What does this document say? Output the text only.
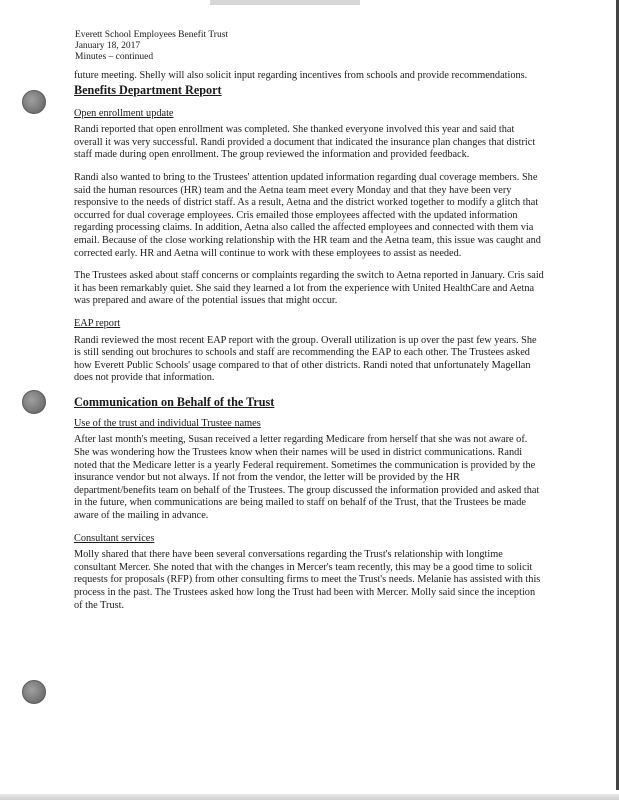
Everett School Employees Benefit Trust
January 18, 2017
Minutes – continued

future meeting. Shelly will also solicit input regarding incentives from schools and provide recommendations.

Benefits Department Report

Open enrollment update

Randi reported that open enrollment was completed. She thanked everyone involved this year and said that overall it was very successful. Randi provided a document that indicated the insurance plan changes that district staff made during open enrollment. The group reviewed the information and provided feedback.

Randi also wanted to bring to the Trustees' attention updated information regarding dual coverage members. She said the human resources (HR) team and the Aetna team meet every Monday and that they have been very responsive to the needs of district staff. As a result, Aetna and the district worked together to modify a glitch that occurred for dual coverage employees. Cris emailed those employees affected with the updated information regarding processing claims. In addition, Aetna also called the affected employees and connected with them via email. Because of the close working relationship with the HR team and the Aetna team, this issue was caught and corrected early. HR and Aetna will continue to work with these employees to assist as needed.

The Trustees asked about staff concerns or complaints regarding the switch to Aetna reported in January. Cris said it has been remarkably quiet. She said they learned a lot from the experience with United HealthCare and Aetna was prepared and aware of the potential issues that might occur.

EAP report

Randi reviewed the most recent EAP report with the group. Overall utilization is up over the past few years. She is still sending out brochures to schools and staff are recommending the EAP to each other. The Trustees asked how Everett Public Schools' usage compared to that of other districts. Randi noted that unfortunately Magellan does not provide that information.

Communication on Behalf of the Trust

Use of the trust and individual Trustee names

After last month's meeting, Susan received a letter regarding Medicare from herself that she was not aware of. She was wondering how the Trustees know when their names will be used in district communications. Randi noted that the Medicare letter is a yearly Federal requirement. Sometimes the communication is provided by the insurance vendor but not always. If not from the vendor, the letter will be provided by the HR department/benefits team on behalf of the Trustees. The group discussed the information provided and asked that in the future, when communications are being mailed to staff on behalf of the Trust, that the Trustees be made aware of the mailing in advance.

Consultant services

Molly shared that there have been several conversations regarding the Trust's relationship with longtime consultant Mercer. She noted that with the changes in Mercer's team recently, this may be a good time to solicit requests for proposals (RFP) from other consulting firms to meet the Trust's needs. Melanie has assisted with this process in the past. The Trustees asked how long the Trust had been with Mercer. Molly said since the inception of the Trust.
